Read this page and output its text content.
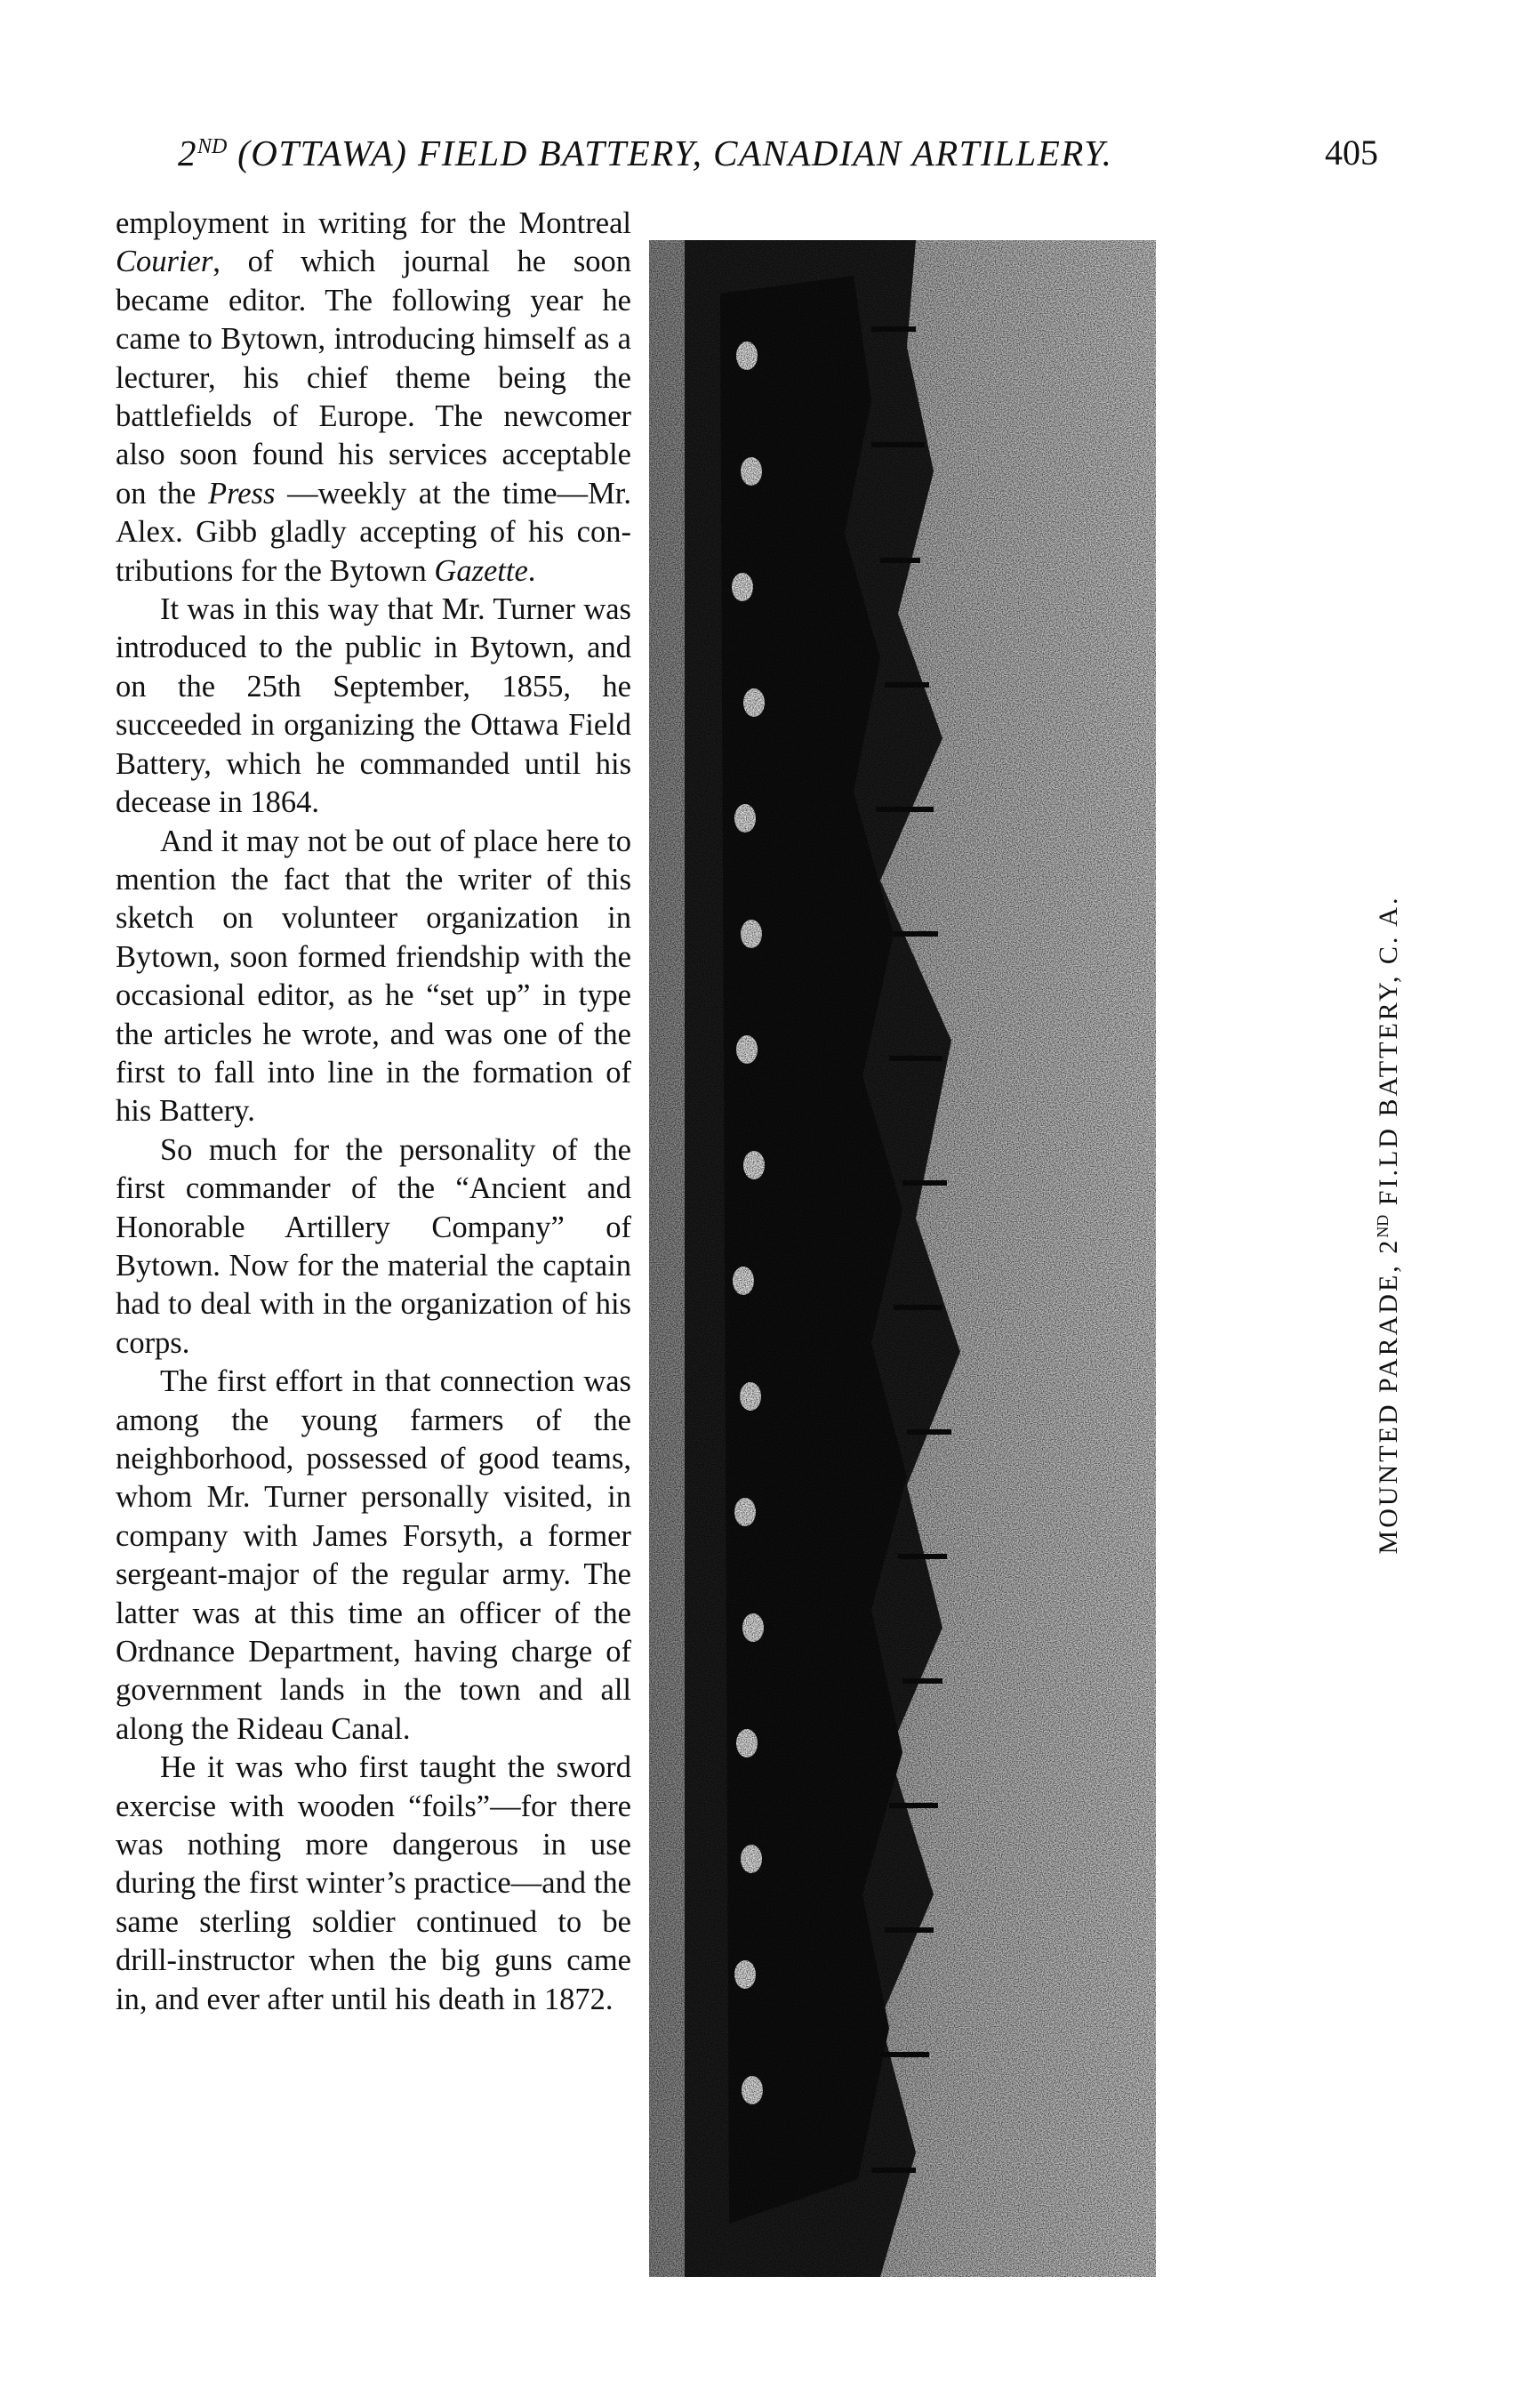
2ND (OTTAWA) FIELD BATTERY, CANADIAN ARTILLERY.	405

employment in writing for the Montreal Courier, of which journal he soon became editor. The following year he came to Bytown, introducing himself as a lecturer, his chief theme being the battlefields of Europe. The newcomer also soon found his services acceptable on the Press —weekly at the time—Mr. Alex. Gibb gladly accepting of his contributions for the Bytown Gazette.

It was in this way that Mr. Turner was introduced to the public in Bytown, and on the 25th September, 1855, he succeeded in organizing the Ottawa Field Battery, which he commanded until his decease in 1864.

And it may not be out of place here to mention the fact that the writer of this sketch on volunteer organization in Bytown, soon formed friendship with the occasional editor, as he “set up” in type the articles he wrote, and was one of the first to fall into line in the formation of his Battery.

So much for the personality of the first commander of the “Ancient and Honorable Artillery Company” of Bytown. Now for the material the captain had to deal with in the organization of his corps.

The first effort in that connection was among the young farmers of the neighborhood, possessed of good teams, whom Mr. Turner personally visited, in company with James Forsyth, a former sergeant-major of the regular army. The latter was at this time an officer of the Ordnance Department, having charge of government lands in the town and all along the Rideau Canal.

He it was who first taught the sword exercise with wooden “foils”—for there was nothing more dangerous in use during the first winter’s practice—and the same sterling soldier continued to be drill-instructor when the big guns came in, and ever after until his death in 1872.

MOUNTED PARADE, 2ND FI.LD BATTERY, C. A.
